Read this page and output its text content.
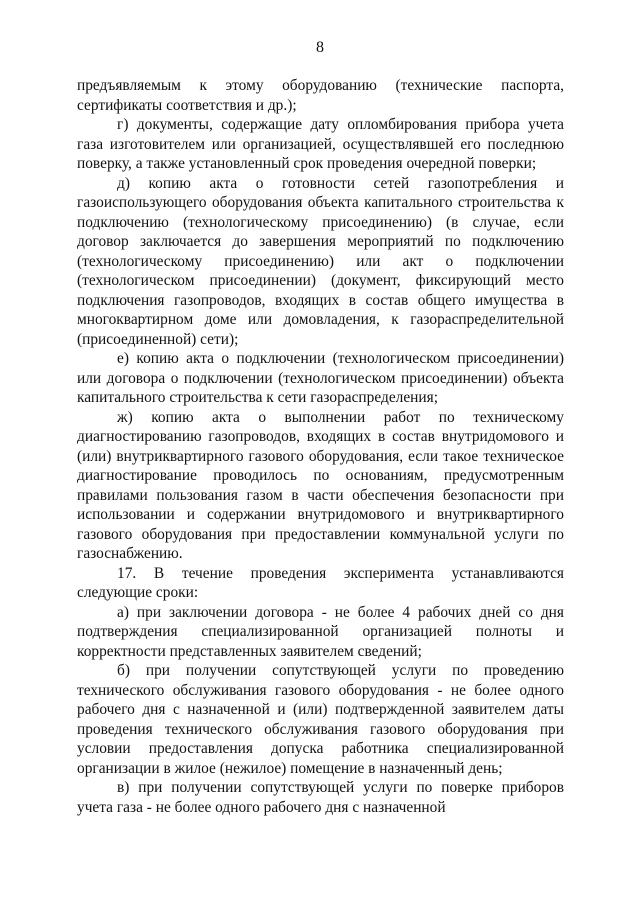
8

предъявляемым к этому оборудованию (технические паспорта, сертификаты соответствия и др.);

г) документы, содержащие дату опломбирования прибора учета газа изготовителем или организацией, осуществлявшей его последнюю поверку, а также установленный срок проведения очередной поверки;

д) копию акта о готовности сетей газопотребления и газоиспользующего оборудования объекта капитального строительства к подключению (технологическому присоединению) (в случае, если договор заключается до завершения мероприятий по подключению (технологическому присоединению) или акт о подключении (технологическом присоединении) (документ, фиксирующий место подключения газопроводов, входящих в состав общего имущества в многоквартирном доме или домовладения, к газораспределительной (присоединенной) сети);

е) копию акта о подключении (технологическом присоединении) или договора о подключении (технологическом присоединении) объекта капитального строительства к сети газораспределения;

ж) копию акта о выполнении работ по техническому диагностированию газопроводов, входящих в состав внутридомового и (или) внутриквартирного газового оборудования, если такое техническое диагностирование проводилось по основаниям, предусмотренным правилами пользования газом в части обеспечения безопасности при использовании и содержании внутридомового и внутриквартирного газового оборудования при предоставлении коммунальной услуги по газоснабжению.

17. В течение проведения эксперимента устанавливаются следующие сроки:

а) при заключении договора - не более 4 рабочих дней со дня подтверждения специализированной организацией полноты и корректности представленных заявителем сведений;

б) при получении сопутствующей услуги по проведению технического обслуживания газового оборудования - не более одного рабочего дня с назначенной и (или) подтвержденной заявителем даты проведения технического обслуживания газового оборудования при условии предоставления допуска работника специализированной организации в жилое (нежилое) помещение в назначенный день;

в) при получении сопутствующей услуги по поверке приборов учета газа - не более одного рабочего дня с назначенной
